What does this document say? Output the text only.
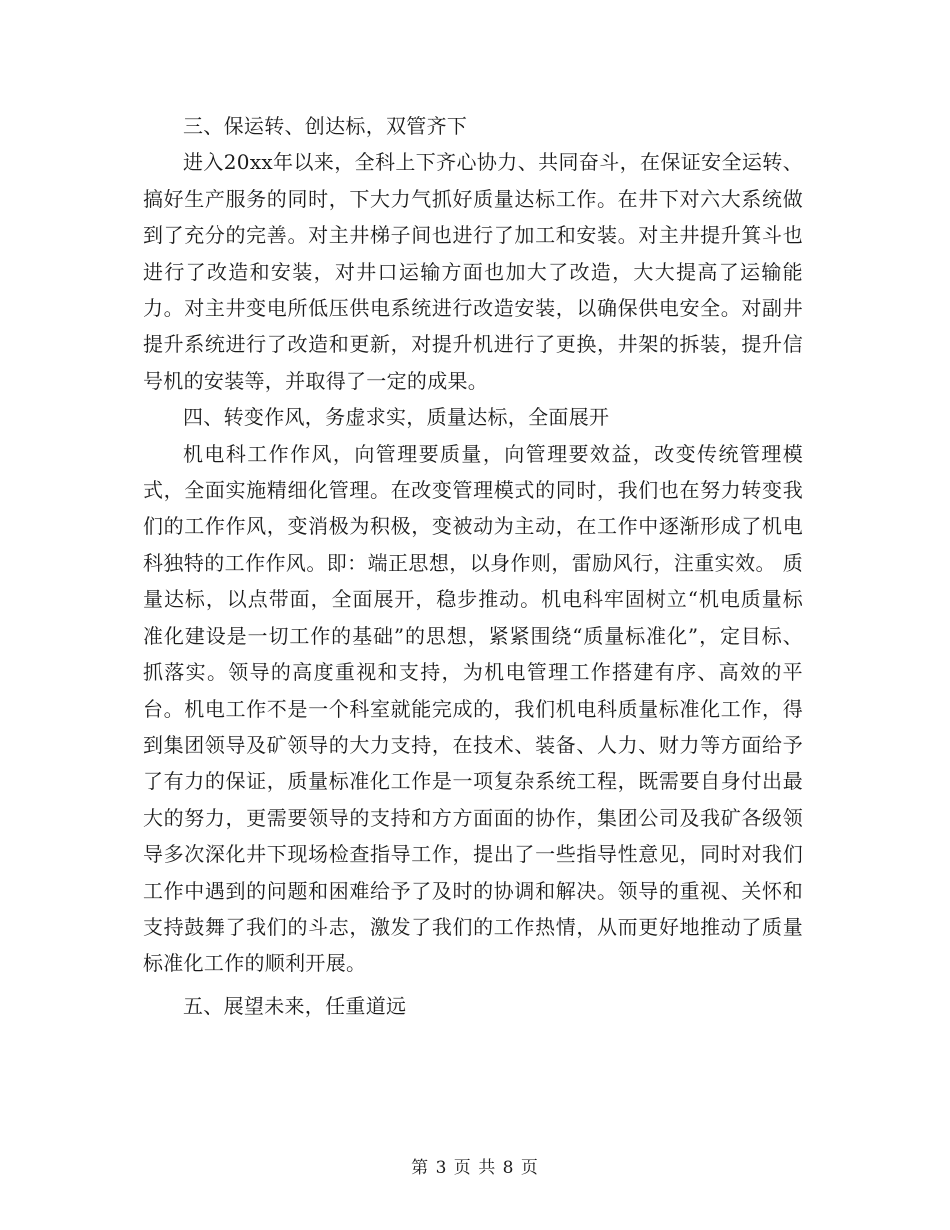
三、保运转、创达标，双管齐下

进入20xx年以来，全科上下齐心协力、共同奋斗，在保证安全运转、搞好生产服务的同时，下大力气抓好质量达标工作。在井下对六大系统做到了充分的完善。对主井梯子间也进行了加工和安装。对主井提升箕斗也进行了改造和安装，对井口运输方面也加大了改造，大大提高了运输能力。对主井变电所低压供电系统进行改造安装，以确保供电安全。对副井提升系统进行了改造和更新，对提升机进行了更换，井架的拆装，提升信号机的安装等，并取得了一定的成果。

四、转变作风，务虚求实，质量达标，全面展开

机电科工作作风，向管理要质量，向管理要效益，改变传统管理模式，全面实施精细化管理。在改变管理模式的同时，我们也在努力转变我们的工作作风，变消极为积极，变被动为主动，在工作中逐渐形成了机电科独特的工作作风。即：端正思想，以身作则，雷励风行，注重实效。 质量达标，以点带面，全面展开，稳步推动。机电科牢固树立“机电质量标准化建设是一切工作的基础”的思想，紧紧围绕“质量标准化”，定目标、抓落实。领导的高度重视和支持，为机电管理工作搭建有序、高效的平台。机电工作不是一个科室就能完成的，我们机电科质量标准化工作，得到集团领导及矿领导的大力支持，在技术、装备、人力、财力等方面给予了有力的保证，质量标准化工作是一项复杂系统工程，既需要自身付出最大的努力，更需要领导的支持和方方面面的协作，集团公司及我矿各级领导多次深化井下现场检查指导工作，提出了一些指导性意见，同时对我们工作中遇到的问题和困难给予了及时的协调和解决。领导的重视、关怀和支持鼓舞了我们的斗志，激发了我们的工作热情，从而更好地推动了质量标准化工作的顺利开展。

五、展望未来，任重道远

第 3 页 共 8 页
